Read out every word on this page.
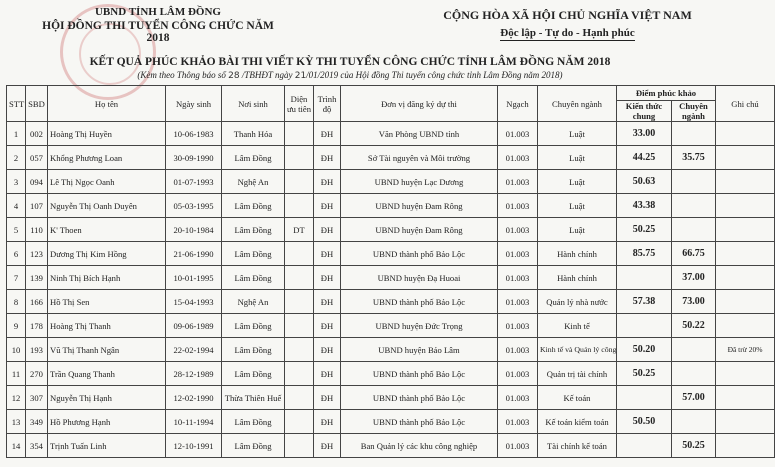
UBND TỈNH LÂM ĐỒNG
HỘI ĐỒNG THI TUYỂN CÔNG CHỨC NĂM 2018
CỘNG HÒA XÃ HỘI CHỦ NGHĨA VIỆT NAM
Độc lập - Tự do - Hạnh phúc
KẾT QUẢ PHÚC KHẢO BÀI THI VIẾT KỲ THI TUYỂN CÔNG CHỨC TỈNH LÂM ĐỒNG NĂM 2018
(Kèm theo Thông báo số 28 /TBHĐT ngày 21/01/2019 của Hội đồng Thi tuyển công chức tỉnh Lâm Đồng năm 2018)
STT	SBD	Họ tên	Ngày sinh	Nơi sinh	Diện ưu tiên	Trình độ	Đơn vị đăng ký dự thi	Ngạch	Chuyên ngành	Điểm phúc khảo		Ghi chú
										Kiến thức chung	Chuyên ngành	
1	002	Hoàng Thị Huyền	10-06-1983	Thanh Hóa		ĐH	Văn Phòng UBND tỉnh	01.003	Luật	33.00		
2	057	Khổng Phương Loan	30-09-1990	Lâm Đồng		ĐH	Sở Tài nguyên và Môi trường	01.003	Luật	44.25	35.75	
3	094	Lê Thị Ngọc Oanh	01-07-1993	Nghệ An		ĐH	UBND huyện Lạc Dương	01.003	Luật	50.63		
4	107	Nguyễn Thị Oanh Duyên	05-03-1995	Lâm Đồng		ĐH	UBND huyện Đam Rông	01.003	Luật	43.38		
5	110	K' Thoen	20-10-1984	Lâm Đồng	DT	ĐH	UBND huyện Đam Rông	01.003	Luật	50.25		
6	123	Dương Thị Kim Hồng	21-06-1990	Lâm Đồng		ĐH	UBND thành phố Bảo Lộc	01.003	Hành chính	85.75	66.75	
7	139	Ninh Thị Bích Hạnh	10-01-1995	Lâm Đồng		ĐH	UBND huyện Đạ Huoai	01.003	Hành chính		37.00	
8	166	Hồ Thị Sen	15-04-1993	Nghệ An		ĐH	UBND thành phố Bảo Lộc	01.003	Quản lý nhà nước	57.38	73.00	
9	178	Hoàng Thị Thanh	09-06-1989	Lâm Đồng		ĐH	UBND huyện Đức Trọng	01.003	Kinh tế		50.22	
10	193	Vũ Thị Thanh Ngân	22-02-1994	Lâm Đồng		ĐH	UBND huyện Bảo Lâm	01.003	Kinh tế và Quản lý công	50.20		Đã trừ 20%
11	270	Trần Quang Thanh	28-12-1989	Lâm Đồng		ĐH	UBND thành phố Bảo Lộc	01.003	Quản trị tài chính	50.25		
12	307	Nguyễn Thị Hạnh	12-02-1990	Thừa Thiên Huế		ĐH	UBND thành phố Bảo Lộc	01.003	Kế toán		57.00	
13	349	Hồ Phương Hạnh	10-11-1994	Lâm Đồng		ĐH	UBND thành phố Bảo Lộc	01.003	Kế toán kiểm toán	50.50		
14	354	Trịnh Tuấn Linh	12-10-1991	Lâm Đồng		ĐH	Ban Quản lý các khu công nghiệp	01.003	Tài chính kế toán		50.25	
